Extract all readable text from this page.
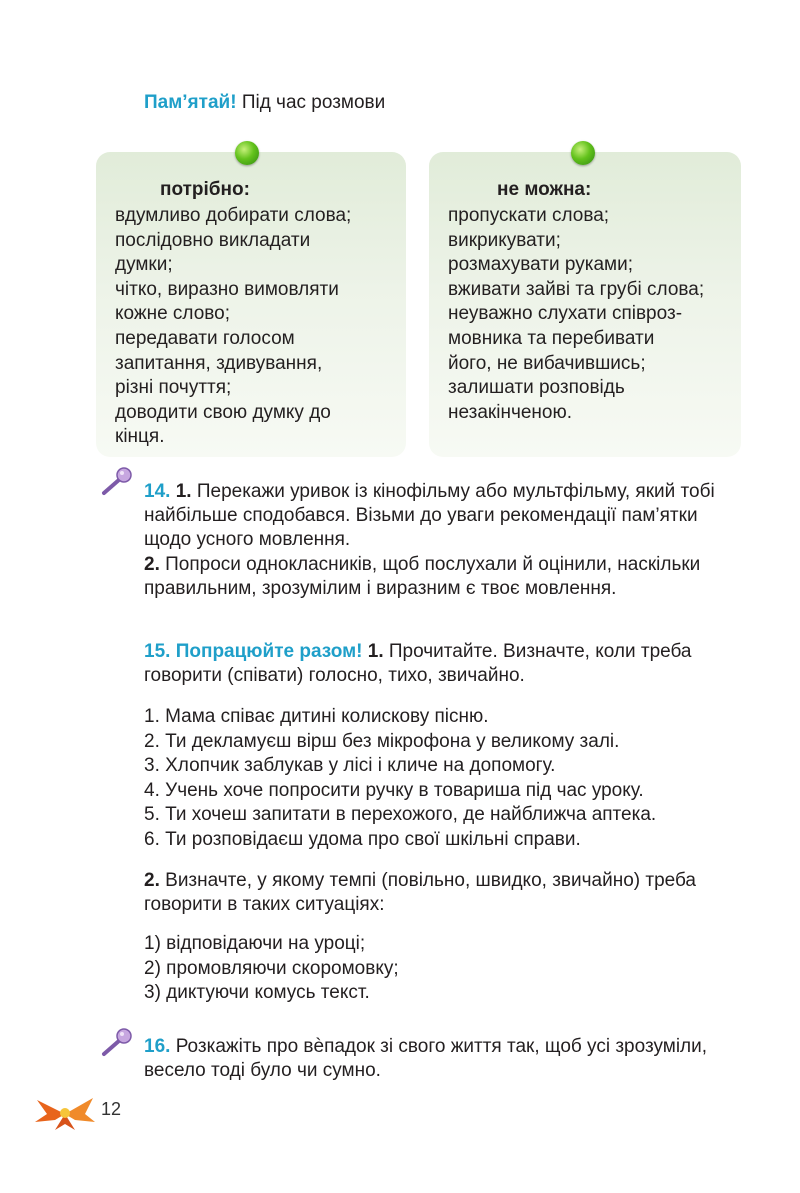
Пам’ятай! Під час розмови
потрібно:
вдумливо добирати слова;
послідовно викладати
думки;
чітко, виразно вимовляти
кожне слово;
передавати голосом
запитання, здивування,
різні почуття;
доводити свою думку до
кінця.
не можна:
пропускати слова;
викрикувати;
розмахувати руками;
вживати зайві та грубі слова;
неуважно слухати співроз-
мовника та перебивати
його, не вибачившись;
залишати розповідь
незакінченою.
14. 1. Перекажи уривок із кінофільму або мультфільму, який тобі найбільше сподобався. Візьми до уваги рекомендації пам’ятки щодо усного мовлення.
2. Попроси однокласників, щоб послухали й оцінили, наскільки правильним, зрозумілим і виразним є твоє мовлення.
15. Попрацюйте разом! 1. Прочитайте. Визначте, коли треба говорити (співати) голосно, тихо, звичайно.
1. Мама співає дитині колискову пісню.
2. Ти декламуєш вірш без мікрофона у великому залі.
3. Хлопчик заблукав у лісі і кличе на допомогу.
4. Учень хоче попросити ручку в товариша під час уроку.
5. Ти хочеш запитати в перехожого, де найближча аптека.
6. Ти розповідаєш удома про свої шкільні справи.
2. Визначте, у якому темпі (повільно, швидко, звичайно) треба говорити в таких ситуаціях:
1) відповідаючи на уроці;
2) промовляючи скоромовку;
3) диктуючи комусь текст.
16. Розкажіть про вѐпадок зі свого життя так, щоб усі зрозуміли, весело тоді було чи сумно.
12
